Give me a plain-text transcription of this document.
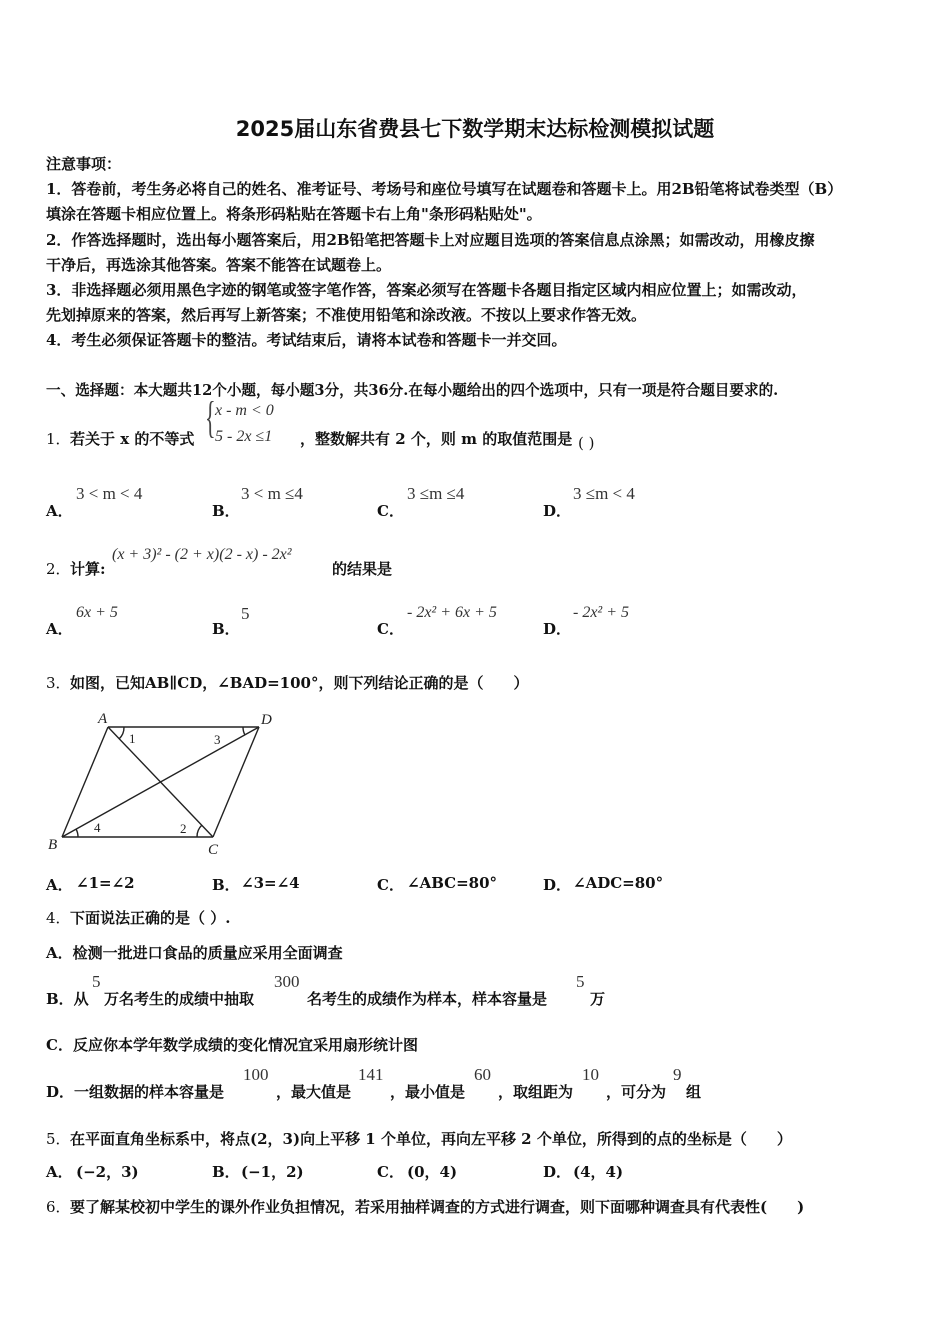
2025届山东省费县七下数学期末达标检测模拟试题
注意事项：
1．答卷前，考生务必将自己的姓名、准考证号、考场号和座位号填写在试题卷和答题卡上。用2B铅笔将试卷类型（B）
填涂在答题卡相应位置上。将条形码粘贴在答题卡右上角"条形码粘贴处"。
2．作答选择题时，选出每小题答案后，用2B铅笔把答题卡上对应题目选项的答案信息点涂黑；如需改动，用橡皮擦
干净后，再选涂其他答案。答案不能答在试题卷上。
3．非选择题必须用黑色字迹的钢笔或签字笔作答，答案必须写在答题卡各题目指定区域内相应位置上；如需改动，
先划掉原来的答案，然后再写上新答案；不准使用铅笔和涂改液。不按以上要求作答无效。
4．考生必须保证答题卡的整洁。考试结束后，请将本试卷和答题卡一并交回。
一、选择题：本大题共12个小题，每小题3分，共36分.在每小题给出的四个选项中，只有一项是符合题目要求的.
1． 若关于 x 的不等式 { x - m < 0
5 - 2x ≤1 ，整数解共有 2 个，则 m 的取值范围是 ( )
A．
3 < m < 4
B．
3 < m ≤4
C．
3 ≤m ≤4
D．
3 ≤m < 4
2． 计算:
(x + 3)² - (2 + x)(2 - x) - 2x²
的结果是
A．
6x + 5
B．
5
C．
- 2x² + 6x + 5
D．
- 2x² + 5
3． 如图，已知AB∥CD，∠BAD=100°，则下列结论正确的是（　　）
A	D
B	C
1
2
3
4
A． ∠1=∠2	B． ∠3=∠4	C． ∠ABC=80°	D． ∠ADC=80°
4． 下面说法正确的是（ ）.
A．检测一批进口食品的质量应采用全面调查
B．从
5
万名考生的成绩中抽取
300
名考生的成绩作为样本，样本容量是
5
万
C．反应你本学年数学成绩的变化情况宜采用扇形统计图
D．一组数据的样本容量是
100
，最大值是
141
，最小值是
60
，取组距为
10
，可分为
9
组
5． 在平面直角坐标系中，将点(2，3)向上平移 1 个单位，再向左平移 2 个单位，所得到的点的坐标是（　　）
A． (−2，3)	B． (−1，2)	C． (0，4)	D． (4，4)
6． 要了解某校初中学生的课外作业负担情况，若采用抽样调查的方式进行调查，则下面哪种调查具有代表性(　　)
